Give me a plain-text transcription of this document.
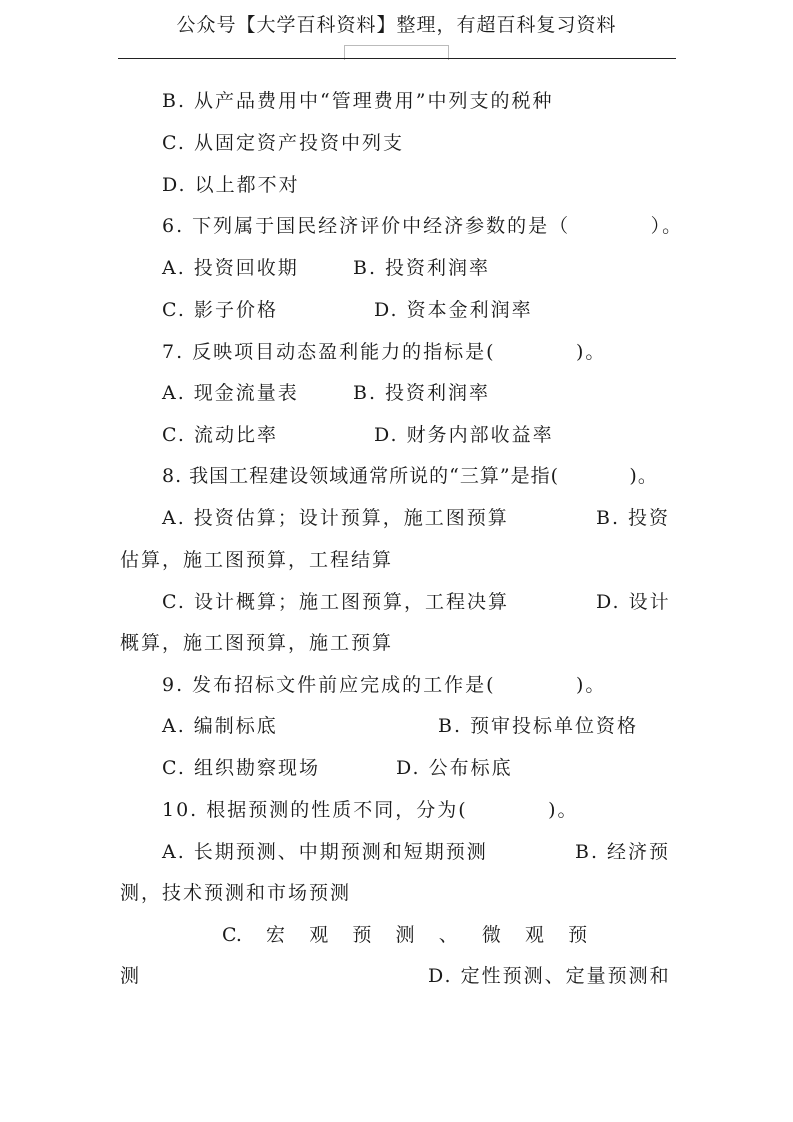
公众号【大学百科资料】整理，有超百科复习资料
B. 从产品费用中“管理费用”中列支的税种
C. 从固定资产投资中列支
D. 以上都不对
6. 下列属于国民经济评价中经济参数的是（          ）。
A. 投资回收期	B. 投资利润率
C. 影子价格	D. 资本金利润率
7. 反映项目动态盈利能力的指标是(          )。
A. 现金流量表	B. 投资利润率
C. 流动比率	D. 财务内部收益率
8. 我国工程建设领域通常所说的“三算”是指(          )。
A. 投资估算；设计预算，施工图预算	B. 投资
估算，施工图预算，工程结算
C. 设计概算；施工图预算，工程决算	D. 设计
概算，施工图预算，施工预算
9. 发布招标文件前应完成的工作是(          )。
A. 编制标底	B. 预审投标单位资格
C. 组织勘察现场	D. 公布标底
10. 根据预测的性质不同，分为(          )。
A. 长期预测、中期预测和短期预测	B. 经济预
测，技术预测和市场预测
C.    宏    观    预    测    、    微    观    预
测	D. 定性预测、定量预测和
